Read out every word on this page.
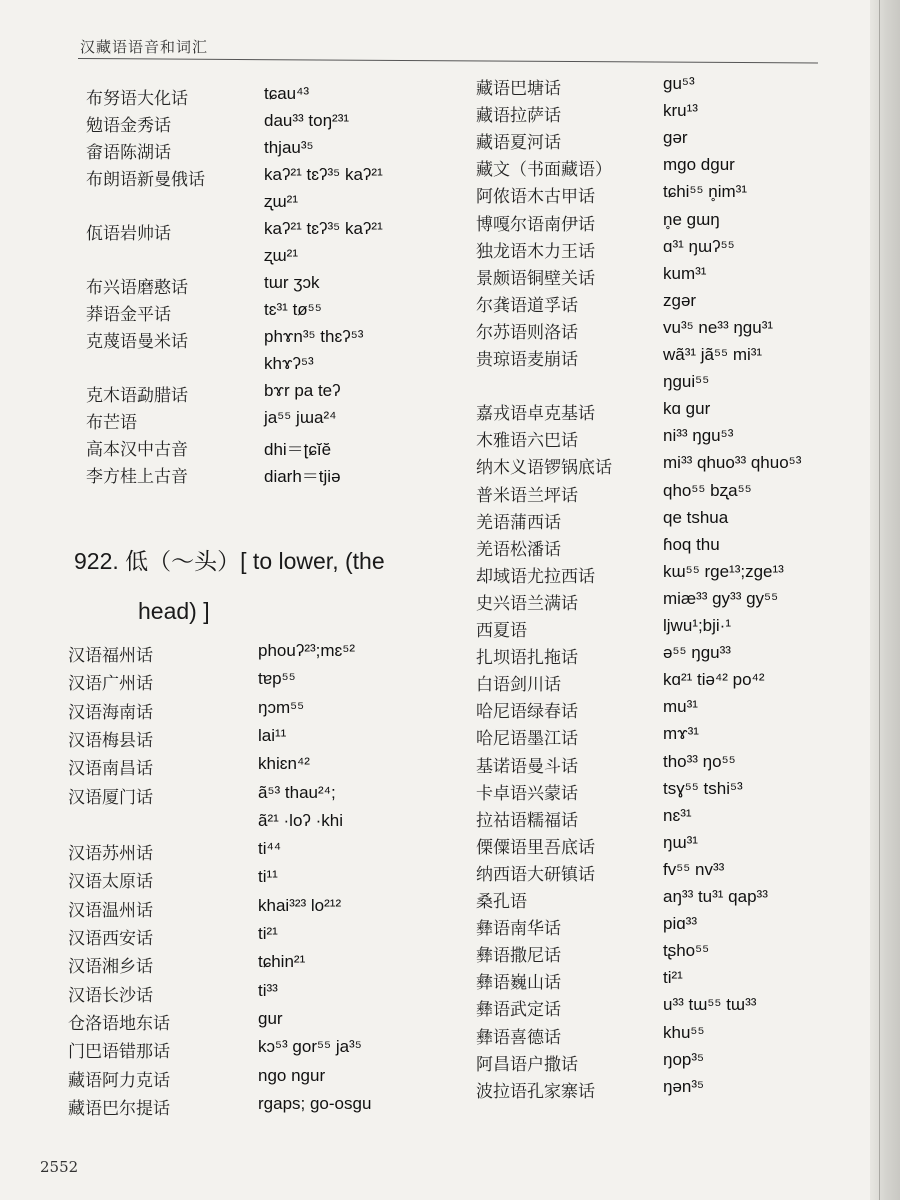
汉藏语语音和词汇
布努语大化话	tɕau⁴³
勉语金秀话	dau³³ toŋ²³¹
畲语陈湖话	thjau³⁵
布朗语新曼俄话	kaʔ²¹ tɛʔ³⁵ kaʔ²¹
ʐɯ²¹
佤语岩帅话	kaʔ²¹ tɛʔ³⁵ kaʔ²¹
ʐɯ²¹
布兴语磨憨话	tɯr ʒɔk
莽语金平话	tɛ³¹ tø⁵⁵
克蔑语曼米话	phɤn³⁵ thɛʔ⁵³
khɤʔ⁵³
克木语勐腊话	bɤr pa teʔ
布芒语	ja⁵⁵ jɯa²⁴
高本汉中古音	dhi＝ʈɕĭĕ
李方桂上古音	diarh＝tjiə
922. 低（～头）[ to lower, (the
head) ]
汉语福州话	phouʔ²³;mɛ⁵²
汉语广州话	tɐp⁵⁵
汉语海南话	ŋɔm⁵⁵
汉语梅县话	lai¹¹
汉语南昌话	khiɛn⁴²
汉语厦门话	ã⁵³ thau²⁴;
ã²¹ ·loʔ ·khi
汉语苏州话	ti⁴⁴
汉语太原话	ti¹¹
汉语温州话	khai³²³ lo²¹²
汉语西安话	ti²¹
汉语湘乡话	tɕhin²¹
汉语长沙话	ti³³
仓洛语地东话	gur
门巴语错那话	kɔ⁵³ gor⁵⁵ ja³⁵
藏语阿力克话	ngo ngur
藏语巴尔提话	rgaps; go-osgu
藏语巴塘话	gu⁵³
藏语拉萨话	kru¹³
藏语夏河话	gər
藏文（书面藏语）	mgo dgur
阿侬语木古甲话	tɕhi⁵⁵ n̥im³¹
博嘎尔语南伊话	n̥e gɯŋ
独龙语木力王话	ɑ³¹ ŋɯʔ⁵⁵
景颇语铜壁关话	kum³¹
尔龚语道孚话	zgər
尔苏语则洛话	vu³⁵ ne³³ ŋgu³¹
贵琼语麦崩话	wã³¹ jã⁵⁵ mi³¹
ŋgui⁵⁵
嘉戎语卓克基话	kɑ gur
木雅语六巴话	ni³³ ŋgu⁵³
纳木义语锣锅底话	mi³³ qhuo³³ qhuo⁵³
普米语兰坪话	qho⁵⁵ bʐa⁵⁵
羌语蒲西话	qe tshua
羌语松潘话	ɦoq thu
却域语尤拉西话	kɯ⁵⁵ rge¹³;zge¹³
史兴语兰满话	miæ³³ gy³³ gy⁵⁵
西夏语	ljwu¹;bji·¹
扎坝语扎拖话	ə⁵⁵ ŋgu³³
白语剑川话	kɑ²¹ tiə⁴² po⁴²
哈尼语绿春话	mu³¹
哈尼语墨江话	mɤ³¹
基诺语曼斗话	tho³³ ŋo⁵⁵
卡卓语兴蒙话	tsɣ⁵⁵ tshi⁵³
拉祜语糯福话	nɛ³¹
傈僳语里吾底话	ŋɯ³¹
纳西语大研镇话	fv⁵⁵ nv³³
桑孔语	aŋ³³ tu³¹ qap³³
彝语南华话	piɑ³³
彝语撒尼话	tʂho⁵⁵
彝语巍山话	ti²¹
彝语武定话	u³³ tɯ⁵⁵ tɯ³³
彝语喜德话	khu⁵⁵
阿昌语户撒话	ŋop³⁵
波拉语孔家寨话	ŋən³⁵
2552
